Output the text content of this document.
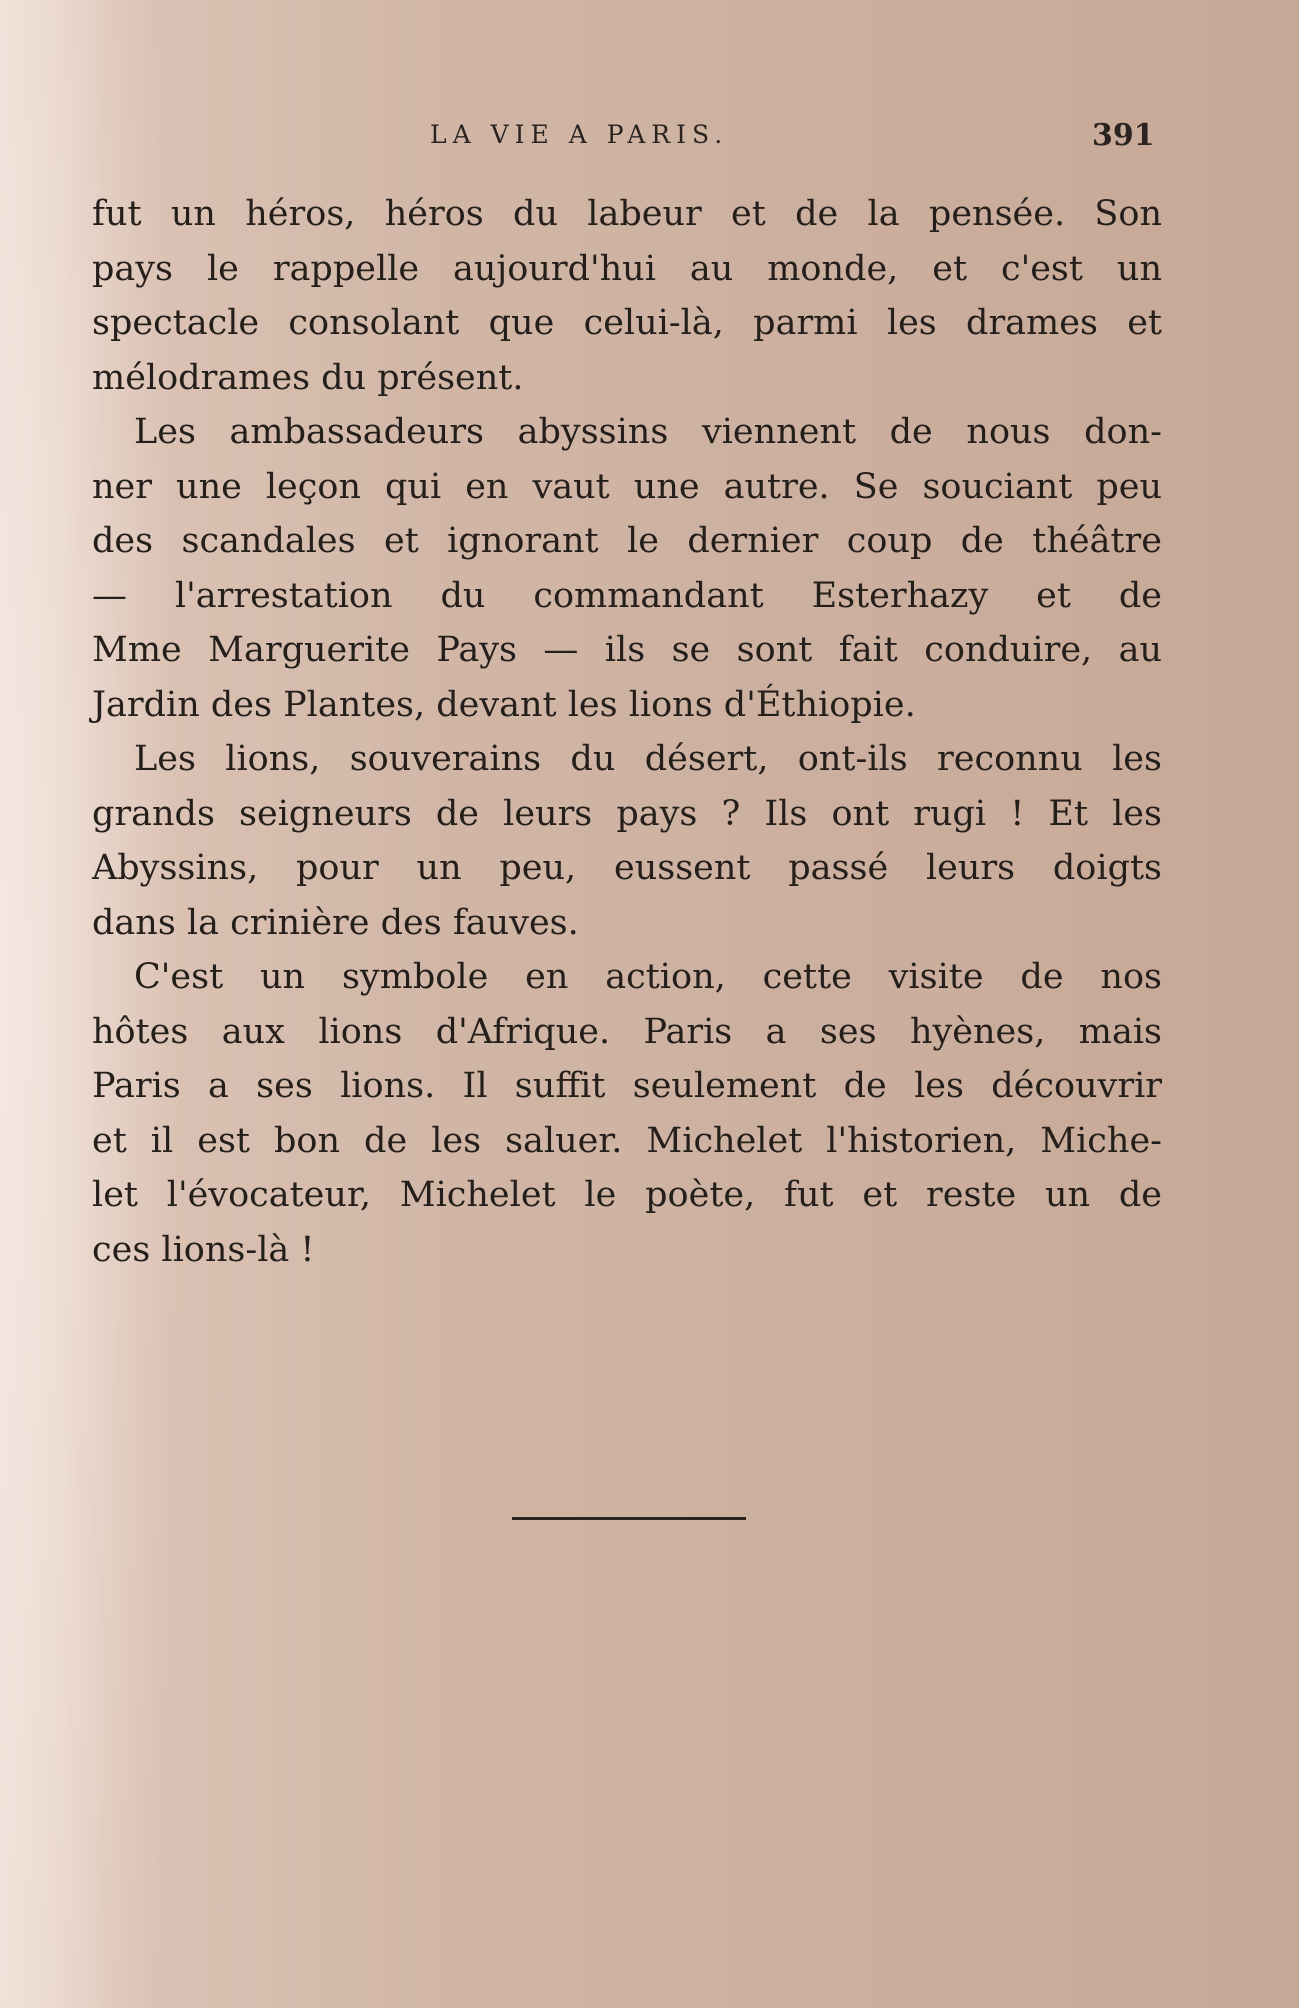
LA VIE A PARIS.	391
fut un héros, héros du labeur et de la pensée. Son
pays le rappelle aujourd'hui au monde, et c'est un
spectacle consolant que celui-là, parmi les drames et
mélodrames du présent.
Les ambassadeurs abyssins viennent de nous don-
ner une leçon qui en vaut une autre. Se souciant peu
des scandales et ignorant le dernier coup de théâtre
— l'arrestation du commandant Esterhazy et de
Mme Marguerite Pays — ils se sont fait conduire, au
Jardin des Plantes, devant les lions d'Éthiopie.
Les lions, souverains du désert, ont-ils reconnu les
grands seigneurs de leurs pays ? Ils ont rugi ! Et les
Abyssins, pour un peu, eussent passé leurs doigts
dans la crinière des fauves.
C'est un symbole en action, cette visite de nos
hôtes aux lions d'Afrique. Paris a ses hyènes, mais
Paris a ses lions. Il suffit seulement de les découvrir
et il est bon de les saluer. Michelet l'historien, Miche-
let l'évocateur, Michelet le poète, fut et reste un de
ces lions-là !
